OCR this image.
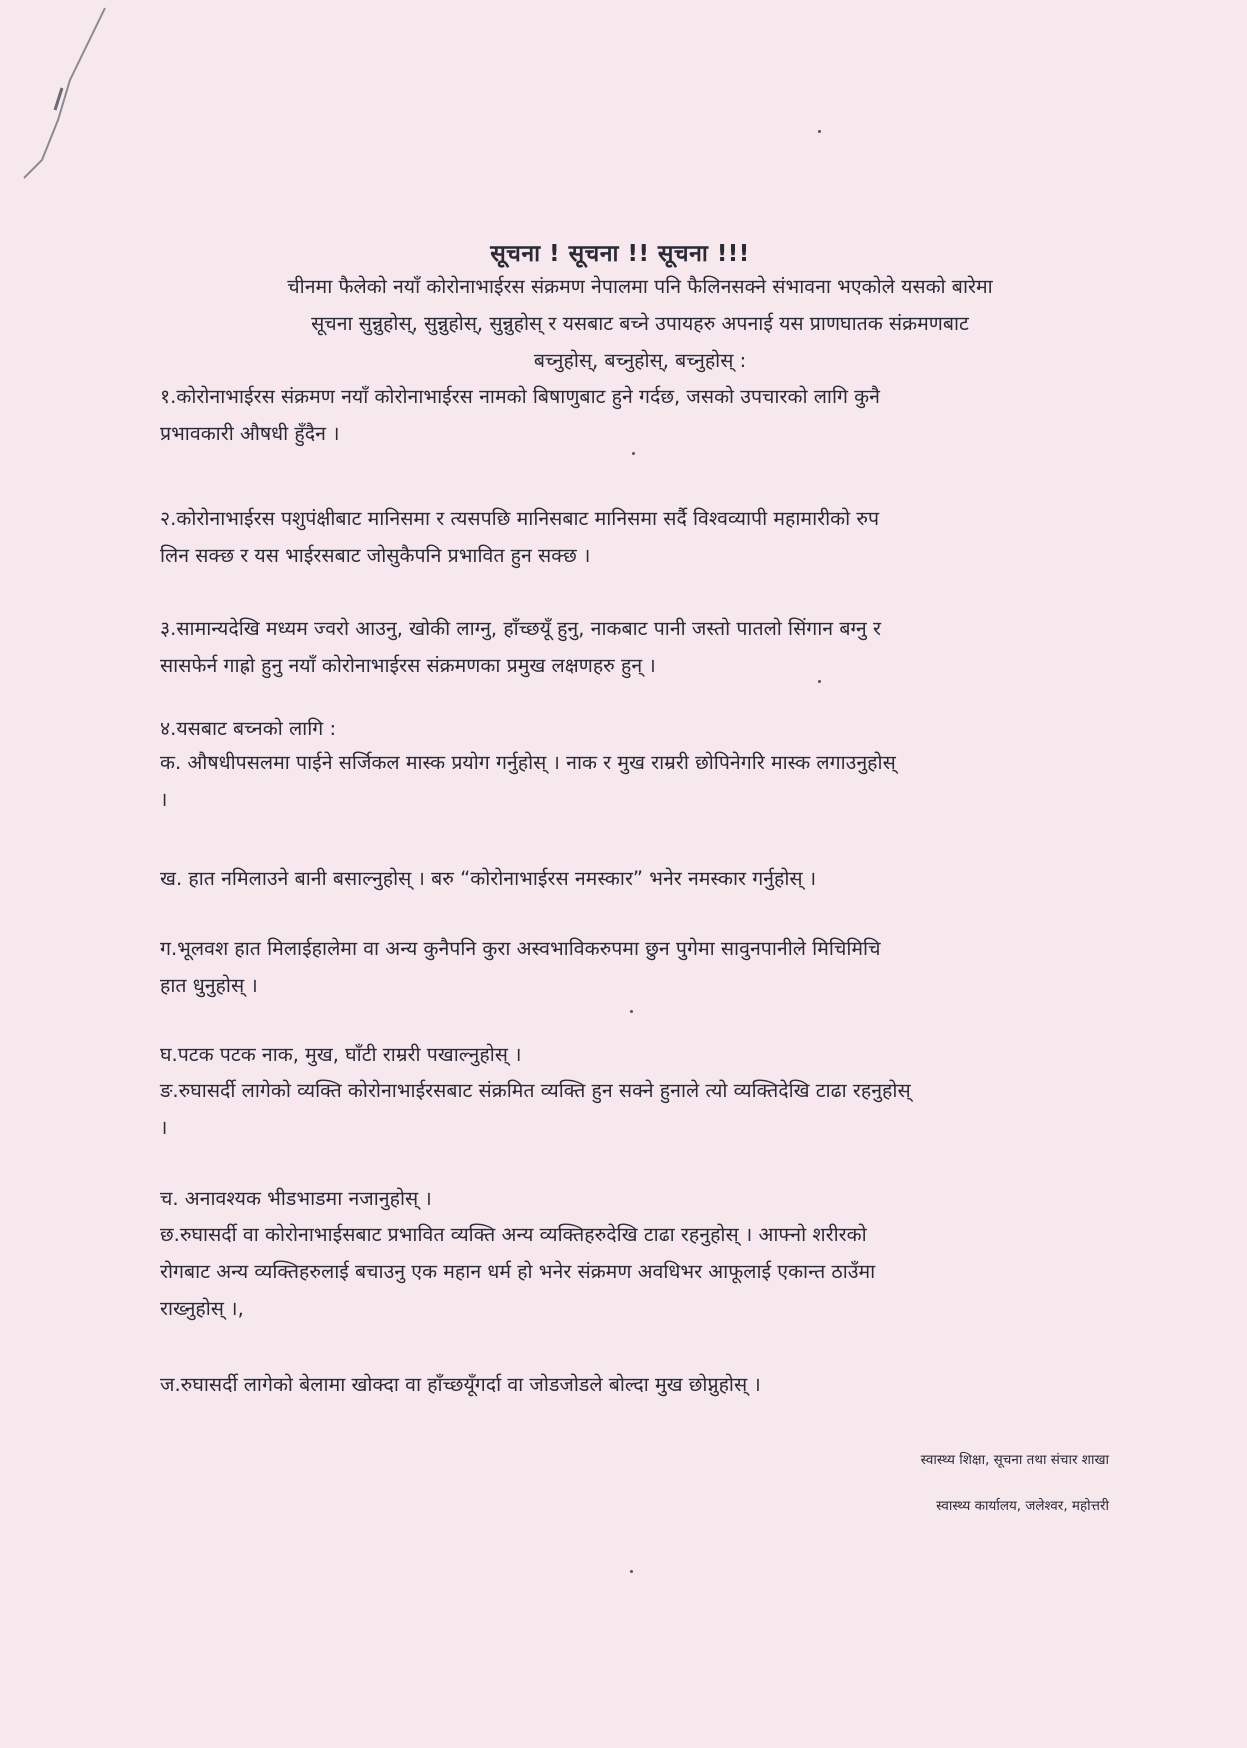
सूचना ! सूचना !! सूचना !!!
चीनमा फैलेको नयाँ कोरोनाभाईरस संक्रमण नेपालमा पनि फैलिनसक्ने संभावना भएकोले यसको बारेमा
सूचना सुन्नुहोस्, सुन्नुहोस्, सुन्नुहोस् र यसबाट बच्ने उपायहरु अपनाई यस प्राणघातक संक्रमणबाट
बच्नुहोस्, बच्नुहोस्, बच्नुहोस् :
१.कोरोनाभाईरस संक्रमण नयाँ कोरोनाभाईरस नामको बिषाणुबाट हुने गर्दछ, जसको उपचारको लागि कुनै
प्रभावकारी औषधी हुँदैन ।
२.कोरोनाभाईरस पशुपंक्षीबाट मानिसमा र त्यसपछि मानिसबाट मानिसमा सर्दै विश्वव्यापी महामारीको रुप
लिन सक्छ र यस भाईरसबाट जोसुकैपनि प्रभावित हुन सक्छ ।
३.सामान्यदेखि मध्यम ज्वरो आउनु, खोकी लाग्नु, हाँच्छयूँ हुनु, नाकबाट पानी जस्तो पातलो सिंगान बग्नु र
सासफेर्न गाह्रो हुनु नयाँ कोरोनाभाईरस संक्रमणका प्रमुख लक्षणहरु हुन् ।
४.यसबाट बच्नको लागि :
क. औषधीपसलमा पाईने सर्जिकल मास्क प्रयोग गर्नुहोस् । नाक र मुख राम्ररी छोपिनेगरि मास्क लगाउनुहोस्
।
ख. हात नमिलाउने बानी बसाल्नुहोस् । बरु “कोरोनाभाईरस नमस्कार” भनेर नमस्कार गर्नुहोस् ।
ग.भूलवश हात मिलाईहालेमा वा अन्य कुनैपनि कुरा अस्वभाविकरुपमा छुन पुगेमा सावुनपानीले मिचिमिचि
हात धुनुहोस् ।
घ.पटक पटक नाक, मुख, घाँटी राम्ररी पखाल्नुहोस् ।
ङ.रुघासर्दी लागेको व्यक्ति कोरोनाभाईरसबाट संक्रमित व्यक्ति हुन सक्ने हुनाले त्यो व्यक्तिदेखि टाढा रहनुहोस्
।
च. अनावश्यक भीडभाडमा नजानुहोस् ।
छ.रुघासर्दी वा कोरोनाभाईसबाट प्रभावित व्यक्ति अन्य व्यक्तिहरुदेखि टाढा रहनुहोस् । आफ्नो शरीरको
रोगबाट अन्य व्यक्तिहरुलाई बचाउनु एक महान धर्म हो भनेर संक्रमण अवधिभर आफूलाई एकान्त ठाउँमा
राख्नुहोस् ।,
ज.रुघासर्दी लागेको बेलामा खोक्दा वा हाँच्छयूँगर्दा वा जोडजोडले बोल्दा मुख छोप्नुहोस् ।
स्वास्थ्य शिक्षा, सूचना तथा संचार शाखा
स्वास्थ्य कार्यालय, जलेश्वर, महोत्तरी
